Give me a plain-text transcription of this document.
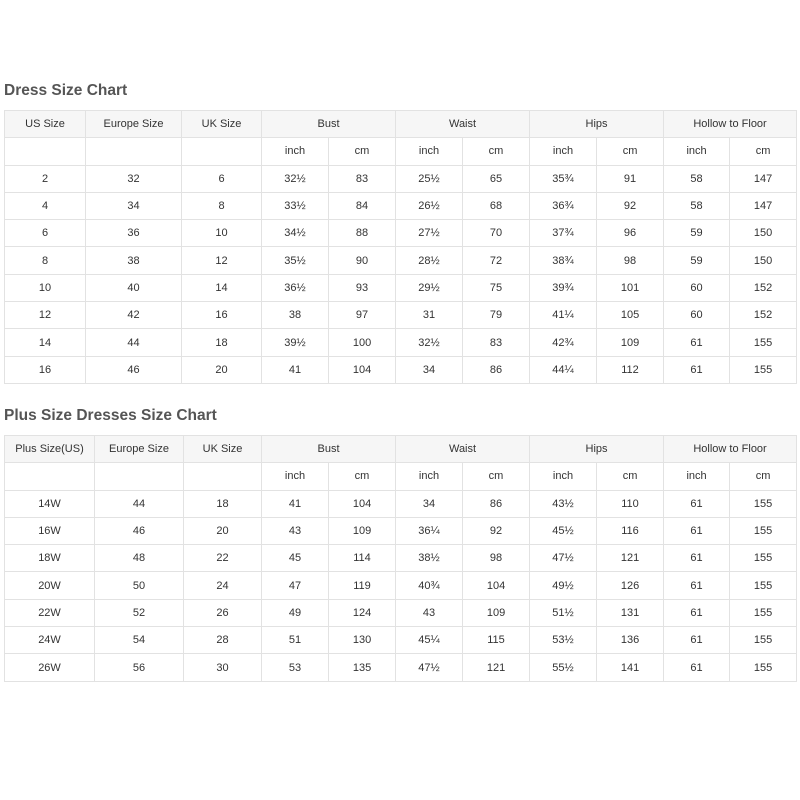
Dress Size Chart
US Size	Europe Size	UK Size	Bust		Waist		Hips		Hollow to Floor	
			inch	cm	inch	cm	inch	cm	inch	cm
2	32	6	32½	83	25½	65	35¾	91	58	147
4	34	8	33½	84	26½	68	36¾	92	58	147
6	36	10	34½	88	27½	70	37¾	96	59	150
8	38	12	35½	90	28½	72	38¾	98	59	150
10	40	14	36½	93	29½	75	39¾	101	60	152
12	42	16	38	97	31	79	41¼	105	60	152
14	44	18	39½	100	32½	83	42¾	109	61	155
16	46	20	41	104	34	86	44¼	112	61	155
Plus Size Dresses Size Chart
Plus Size(US)	Europe Size	UK Size	Bust		Waist		Hips		Hollow to Floor	
			inch	cm	inch	cm	inch	cm	inch	cm
14W	44	18	41	104	34	86	43½	110	61	155
16W	46	20	43	109	36¼	92	45½	116	61	155
18W	48	22	45	114	38½	98	47½	121	61	155
20W	50	24	47	119	40¾	104	49½	126	61	155
22W	52	26	49	124	43	109	51½	131	61	155
24W	54	28	51	130	45¼	115	53½	136	61	155
26W	56	30	53	135	47½	121	55½	141	61	155
